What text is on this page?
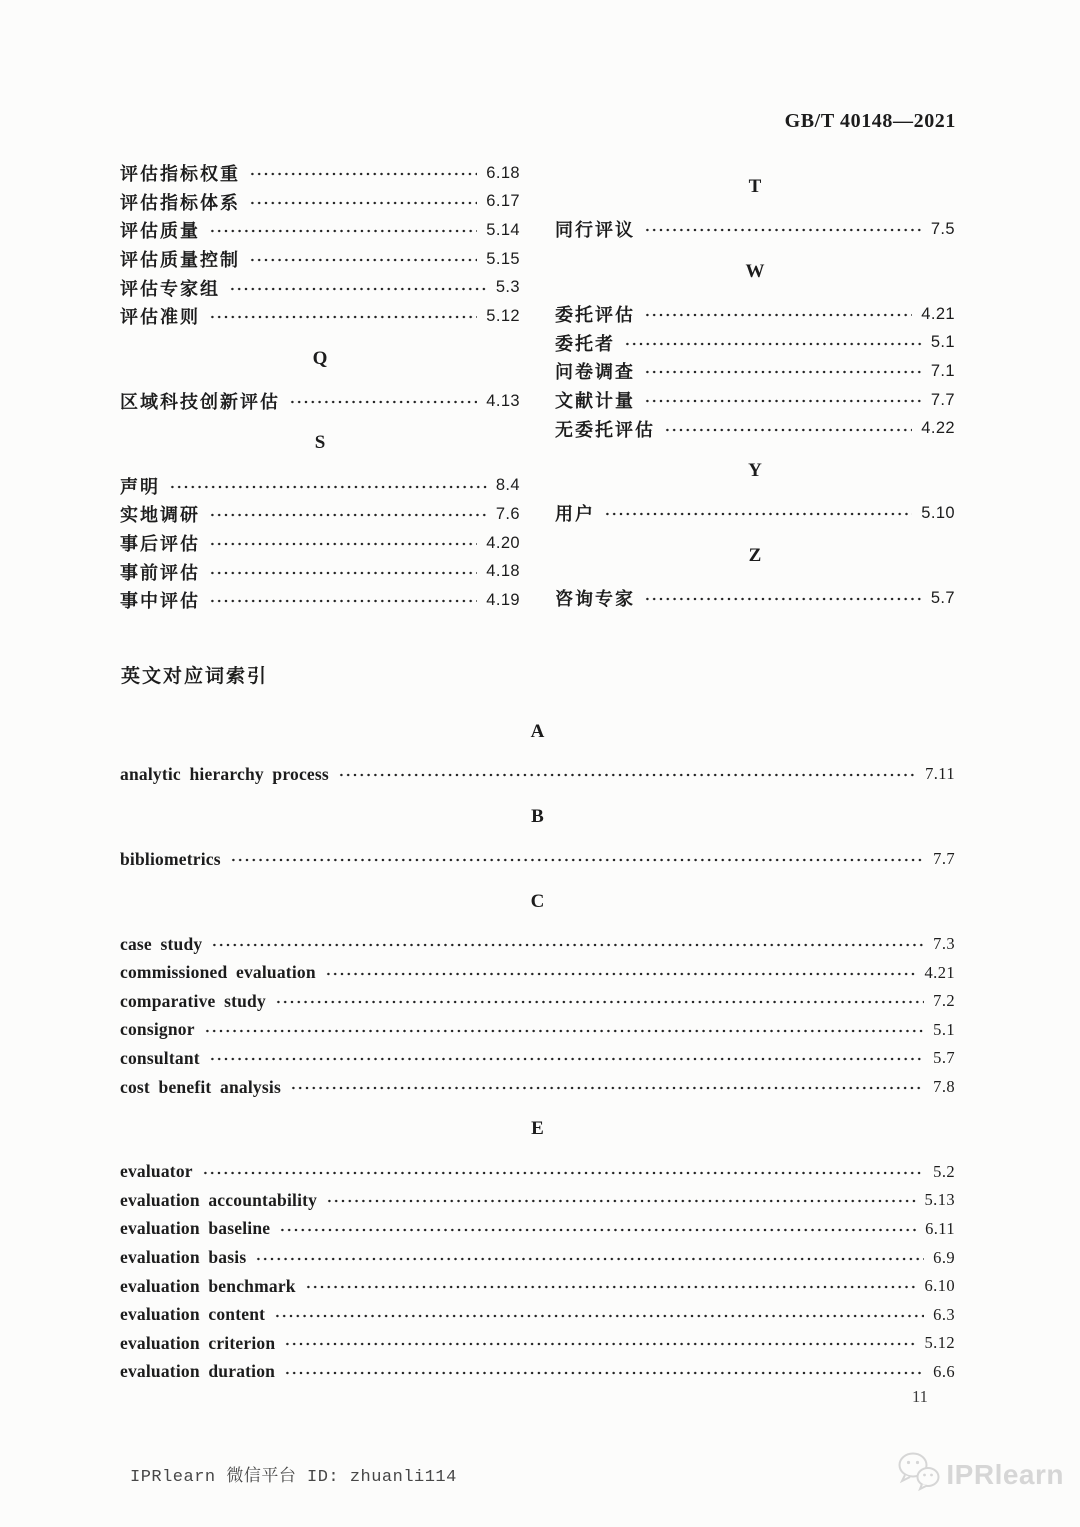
GB/T 40148—2021
评估指标权重	6.18
评估指标体系	6.17
评估质量	5.14
评估质量控制	5.15
评估专家组	5.3
评估准则	5.12
Q
区域科技创新评估	4.13
S
声明	8.4
实地调研	7.6
事后评估	4.20
事前评估	4.18
事中评估	4.19
T
同行评议	7.5
W
委托评估	4.21
委托者	5.1
问卷调查	7.1
文献计量	7.7
无委托评估	4.22
Y
用户	5.10
Z
咨询专家	5.7
英文对应词索引
A
analytic hierarchy process	7.11
B
bibliometrics	7.7
C
case study	7.3
commissioned evaluation	4.21
comparative study	7.2
consignor	5.1
consultant	5.7
cost benefit analysis	7.8
E
evaluator	5.2
evaluation accountability	5.13
evaluation baseline	6.11
evaluation basis	6.9
evaluation benchmark	6.10
evaluation content	6.3
evaluation criterion	5.12
evaluation duration	6.6
11
IPRlearn 微信平台 ID: zhuanli114	IPRlearn
